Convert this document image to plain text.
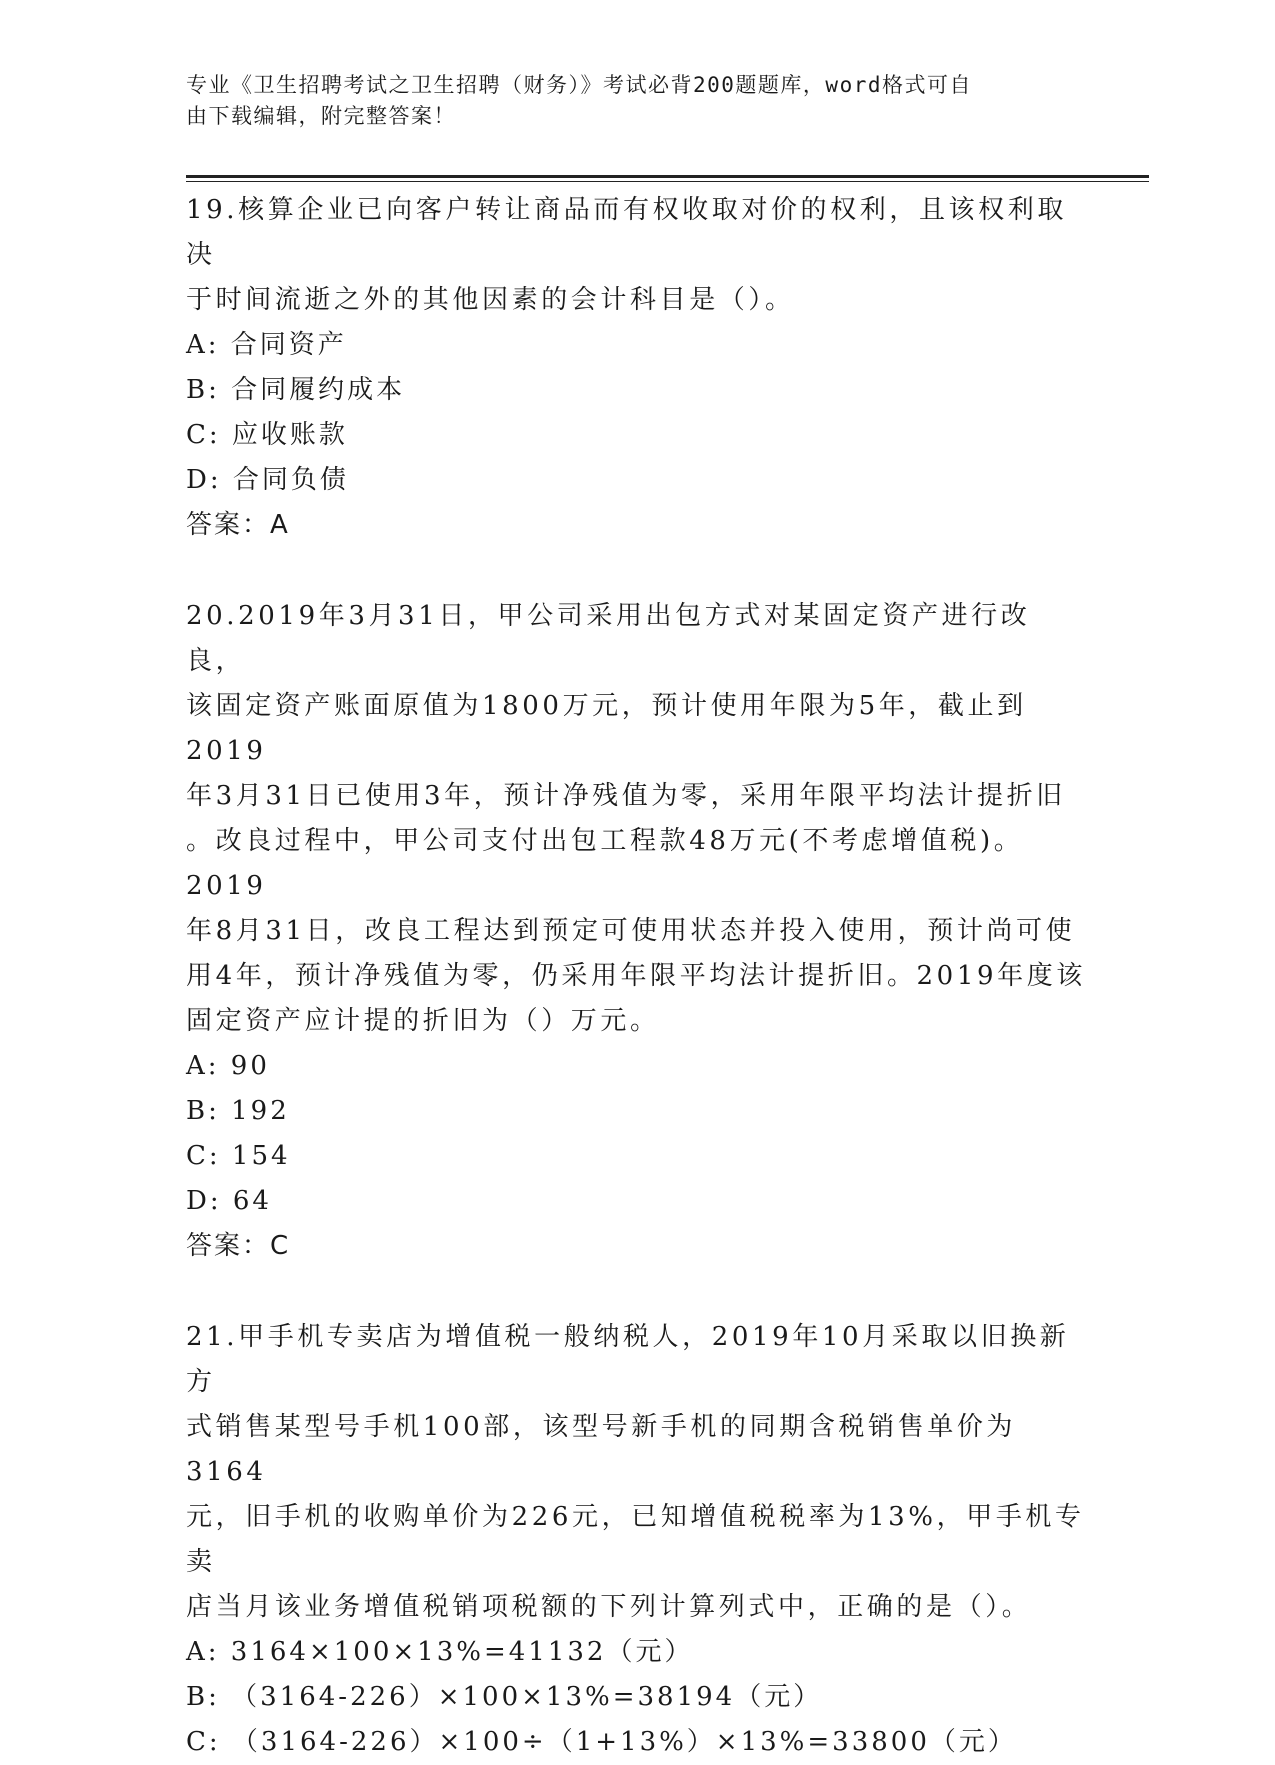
专业《卫生招聘考试之卫生招聘（财务）》考试必背200题题库，word格式可自
由下载编辑，附完整答案！

19.核算企业已向客户转让商品而有权收取对价的权利，且该权利取决
于时间流逝之外的其他因素的会计科目是（）。

A: 合同资产

B: 合同履约成本

C: 应收账款

D: 合同负债

答案：A

20.2019年3月31日，甲公司采用出包方式对某固定资产进行改良，
该固定资产账面原值为1800万元，预计使用年限为5年，截止到2019
年3月31日已使用3年，预计净残值为零，采用年限平均法计提折旧
。改良过程中，甲公司支付出包工程款48万元(不考虑增值税)。2019
年8月31日，改良工程达到预定可使用状态并投入使用，预计尚可使
用4年，预计净残值为零，仍采用年限平均法计提折旧。2019年度该
固定资产应计提的折旧为（）万元。

A: 90

B: 192

C: 154

D: 64

答案：C

21.甲手机专卖店为增值税一般纳税人，2019年10月采取以旧换新方
式销售某型号手机100部，该型号新手机的同期含税销售单价为3164
元，旧手机的收购单价为226元，已知增值税税率为13%，甲手机专卖
店当月该业务增值税销项税额的下列计算列式中，正确的是（）。

A: 3164×100×13%=41132（元）

B: （3164-226）×100×13%=38194（元）

C: （3164-226）×100÷（1+13%）×13%=33800（元）
